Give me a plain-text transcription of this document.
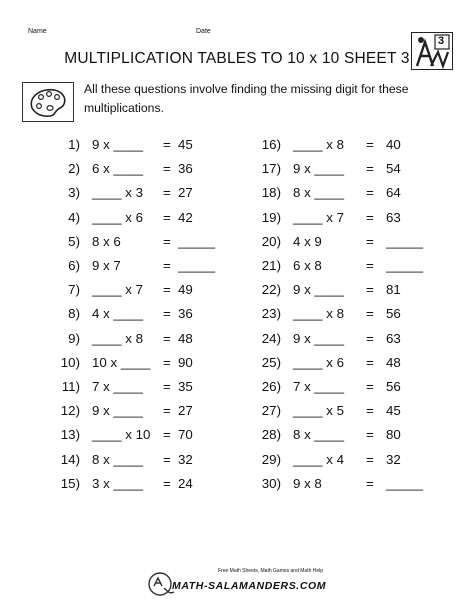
Name	Date
MULTIPLICATION TABLES TO 10 x 10 SHEET 3
3
All these questions involve finding the missing digit for these multiplications.
1) 9 x ____ = 45
2) 6 x ____ = 36
3) ____ x 3 = 27
4) ____ x 6 = 42
5) 8 x 6	= _____
6) 9 x 7	= _____
7) ____ x 7 = 49
8) 4 x ____ = 36
9) ____ x 8 = 48
10) 10 x ____ = 90
11) 7 x ____ = 35
12) 9 x ____ = 27
13) ____ x 10 = 70
14) 8 x ____ = 32
15) 3 x ____ = 24
16) ____ x 8 = 40
17) 9 x ____ = 54
18) 8 x ____ = 64
19) ____ x 7 = 63
20) 4 x 9	= _____
21) 6 x 8	= _____
22) 9 x ____ = 81
23) ____ x 8 = 56
24) 9 x ____ = 63
25) ____ x 6 = 48
26) 7 x ____ = 56
27) ____ x 5 = 45
28) 8 x ____ = 80
29) ____ x 4 = 32
30) 9 x 8	= _____
Free Math Sheets, Math Games and Math Help
MATH-SALAMANDERS.COM
